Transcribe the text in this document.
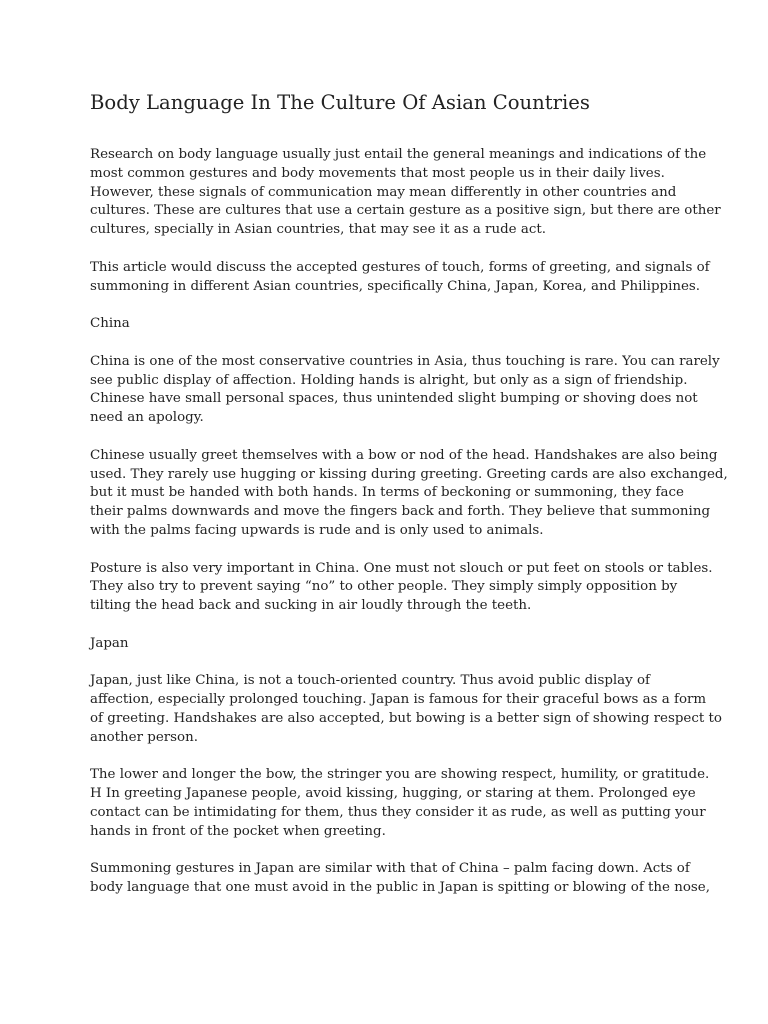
Body Language In The Culture Of Asian Countries

Research on body language usually just entail the general meanings and indications of the
most common gestures and body movements that most people us in their daily lives.
However, these signals of communication may mean differently in other countries and
cultures. These are cultures that use a certain gesture as a positive sign, but there are other
cultures, specially in Asian countries, that may see it as a rude act.

This article would discuss the accepted gestures of touch, forms of greeting, and signals of
summoning in different Asian countries, specifically China, Japan, Korea, and Philippines.

China

China is one of the most conservative countries in Asia, thus touching is rare. You can rarely
see public display of affection. Holding hands is alright, but only as a sign of friendship.
Chinese have small personal spaces, thus unintended slight bumping or shoving does not
need an apology.

Chinese usually greet themselves with a bow or nod of the head. Handshakes are also being
used. They rarely use hugging or kissing during greeting. Greeting cards are also exchanged,
but it must be handed with both hands. In terms of beckoning or summoning, they face
their palms downwards and move the fingers back and forth. They believe that summoning
with the palms facing upwards is rude and is only used to animals.

Posture is also very important in China. One must not slouch or put feet on stools or tables.
They also try to prevent saying “no” to other people. They simply simply opposition by
tilting the head back and sucking in air loudly through the teeth.

Japan

Japan, just like China, is not a touch-oriented country. Thus avoid public display of
affection, especially prolonged touching. Japan is famous for their graceful bows as a form
of greeting. Handshakes are also accepted, but bowing is a better sign of showing respect to
another person.

The lower and longer the bow, the stringer you are showing respect, humility, or gratitude.
H In greeting Japanese people, avoid kissing, hugging, or staring at them. Prolonged eye
contact can be intimidating for them, thus they consider it as rude, as well as putting your
hands in front of the pocket when greeting.

Summoning gestures in Japan are similar with that of China – palm facing down. Acts of
body language that one must avoid in the public in Japan is spitting or blowing of the nose,
